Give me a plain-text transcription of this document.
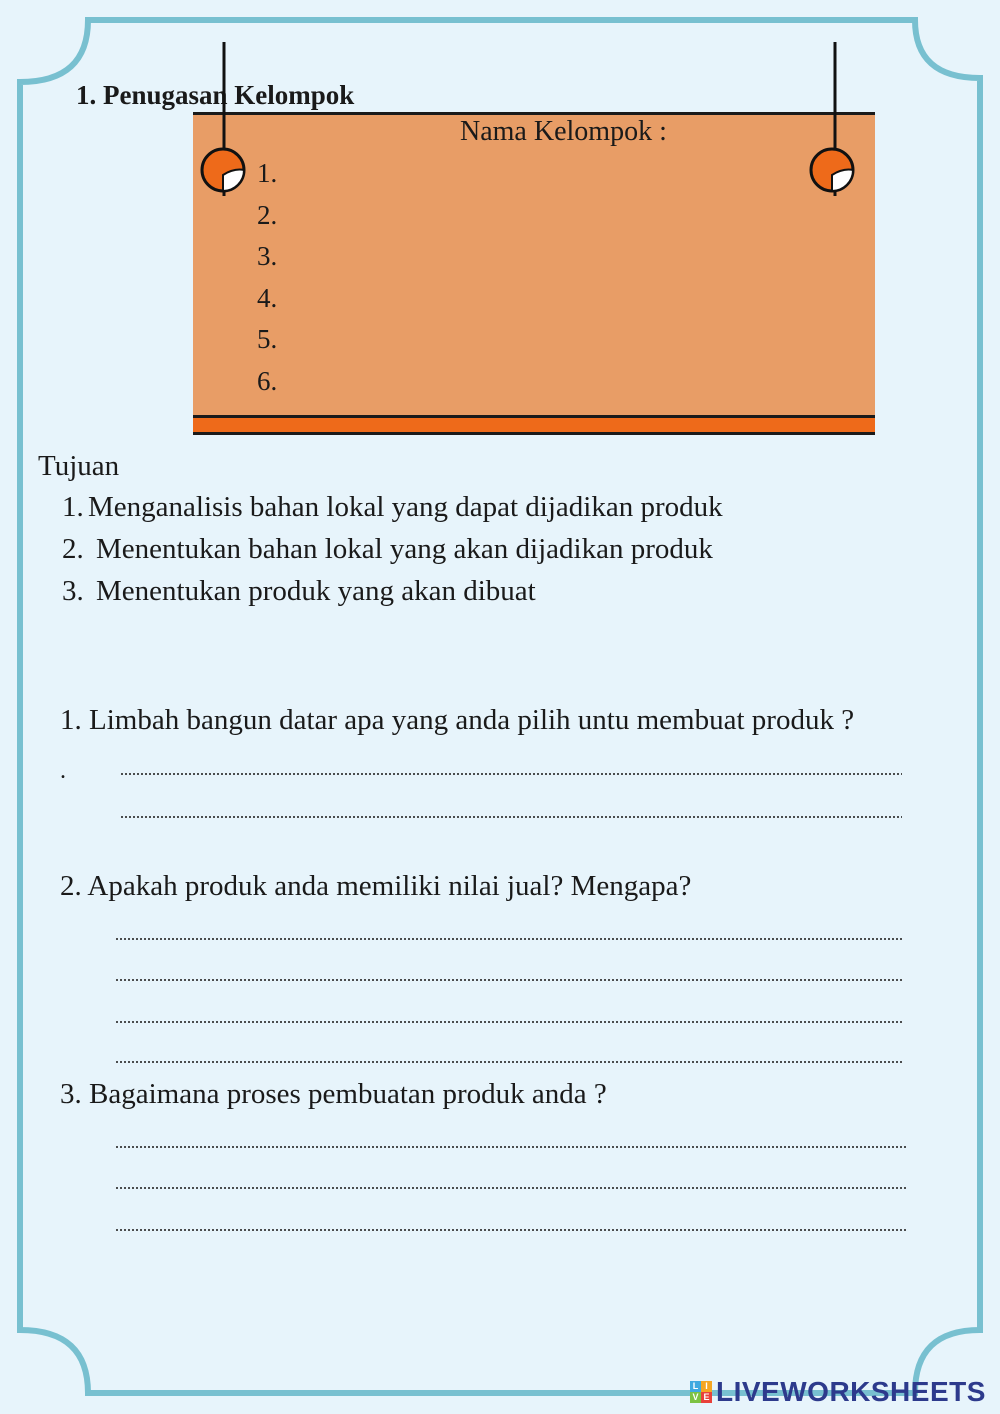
1. Penugasan Kelompok
Nama Kelompok :
1.
2.
3.
4.
5.
6.
Tujuan
1. Menganalisis bahan lokal yang dapat dijadikan produk
2. Menentukan bahan lokal yang akan dijadikan produk
3. Menentukan produk yang akan dibuat
1. Limbah bangun datar apa yang anda pilih untu membuat produk ?
.
2. Apakah produk anda memiliki nilai jual? Mengapa?
3. Bagaimana proses pembuatan produk anda ?
L I
V E LIVEWORKSHEETS
